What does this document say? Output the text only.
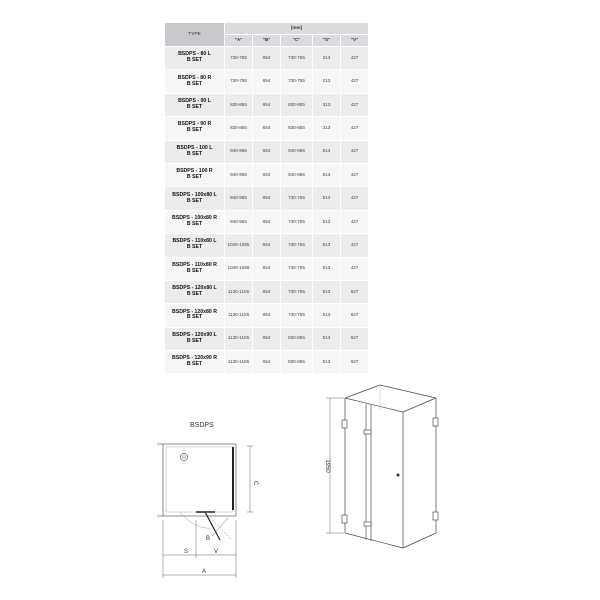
TYPE	[mm]				
	"A"	"B"	"C"	"S"	"V"

BSDPS - 80 L
B SET	730-755	654	730-755	213	427

BSDPS - 80 R
B SET	730-755	654	730-755	213	427

BSDPS - 90 L
B SET	830-855	654	830-855	313	427

BSDPS - 90 R
B SET	830-855	654	830-855	313	427

BSDPS - 100 L
B SET	940-965	654	940-965	513	427

BSDPS - 100 R
B SET	940-965	654	940-965	513	427

BSDPS - 100x80 L
B SET	940-965	654	730-755	513	427

BSDPS - 100x80 R
B SET	940-965	654	730-755	513	427

BSDPS - 110x80 L
B SET	1040-1065	654	730-755	613	427

BSDPS - 110x80 R
B SET	1040-1065	654	730-755	613	427

BSDPS - 120x80 L
B SET	1130-1155	654	730-755	513	627

BSDPS - 120x80 R
B SET	1130-1155	654	730-755	513	627

BSDPS - 120x90 L
B SET	1130-1155	654	830-855	513	627

BSDPS - 120x90 R
B SET	1130-1155	654	830-855	513	627
BSDPS
C
B
S	V
A
1950
